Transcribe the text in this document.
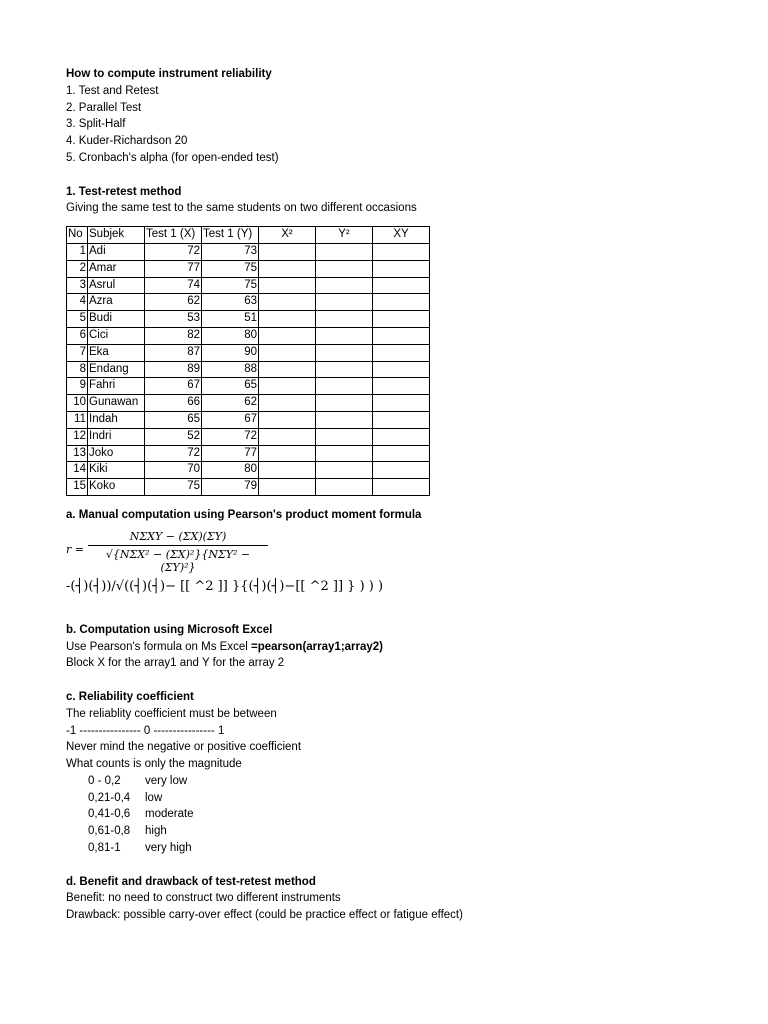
How to compute instrument reliability
1. Test and Retest
2. Parallel Test
3. Split-Half
4. Kuder-Richardson 20
5. Cronbach's alpha (for open-ended test)
1. Test-retest method
Giving the same test to the same students on two different occasions
No	Subjek	Test 1 (X)	Test 1 (Y)	X²	Y²	XY
1	Adi	72	73			
2	Amar	77	75			
3	Asrul	74	75			
4	Azra	62	63			
5	Budi	53	51			
6	Cici	82	80			
7	Eka	87	90			
8	Endang	89	88			
9	Fahri	67	65			
10	Gunawan	66	62			
11	Indah	65	67			
12	Indri	52	72			
13	Joko	72	77			
14	Kiki	70	80			
15	Koko	75	79			
a. Manual computation using Pearson's product moment formula
r =
NΣXY − (ΣX)(ΣY)
√{NΣX² − (ΣX)²}{NΣY² − (ΣY)²}
-(┤)(┤))/√((┤)(┤)− [[ ^2 ]] }{(┤)(┤)−[[ ^2 ]] } ) ) )
b. Computation using Microsoft Excel
Use Pearson's formula on Ms Excel =pearson(array1;array2)
Block X for the array1 and Y for the array 2
c. Reliability coefficient
The reliablity coefficient must be between
-1 ---------------- 0 ---------------- 1
Never mind the negative or positive coefficient
What counts is only the magnitude
0 - 0,2	very low
0,21-0,4	low
0,41-0,6	moderate
0,61-0,8	high
0,81-1	very high
d. Benefit and drawback of test-retest method
Benefit: no need to construct two different instruments
Drawback: possible carry-over effect (could be practice effect or fatigue effect)
